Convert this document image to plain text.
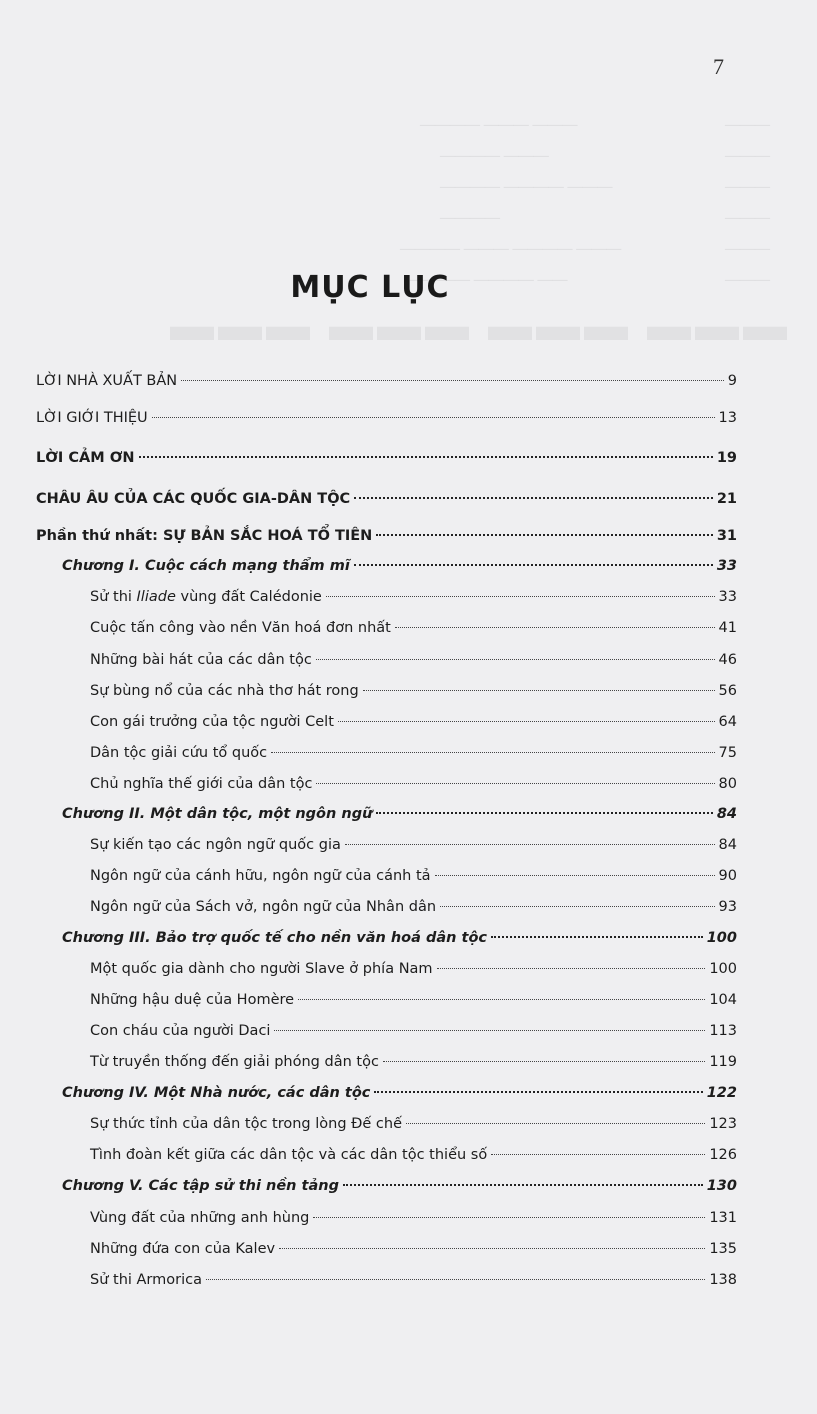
———— ——— ———	———
———— ———	———
———— ———— ———	———
————	———
———— ——— ———— ———	———
———— ———— ——	———
▬▬▬ ▬▬▬ ▬▬▬ ▬▬▬
7
MỤC LỤC
LỜI NHÀ XUẤT BẢN	9
LỜI GIỚI THIỆU	13
LỜI CẢM ƠN	19
CHÂU ÂU CỦA CÁC QUỐC GIA-DÂN TỘC	21
Phần thứ nhất: SỰ BẢN SẮC HOÁ TỔ TIÊN	31
Chương I. Cuộc cách mạng thẩm mĩ	33
Sử thi Iliade vùng đất Calédonie	33
Cuộc tấn công vào nền Văn hoá đơn nhất	41
Những bài hát của các dân tộc	46
Sự bùng nổ của các nhà thơ hát rong	56
Con gái trưởng của tộc người Celt	64
Dân tộc giải cứu tổ quốc	75
Chủ nghĩa thế giới của dân tộc	80
Chương II. Một dân tộc, một ngôn ngữ	84
Sự kiến tạo các ngôn ngữ quốc gia	84
Ngôn ngữ của cánh hữu, ngôn ngữ của cánh tả	90
Ngôn ngữ của Sách vở, ngôn ngữ của Nhân dân	93
Chương III. Bảo trợ quốc tế cho nền văn hoá dân tộc	100
Một quốc gia dành cho người Slave ở phía Nam	100
Những hậu duệ của Homère	104
Con cháu của người Daci	113
Từ truyền thống đến giải phóng dân tộc	119
Chương IV. Một Nhà nước, các dân tộc	122
Sự thức tỉnh của dân tộc trong lòng Đế chế	123
Tình đoàn kết giữa các dân tộc và các dân tộc thiểu số	126
Chương V. Các tập sử thi nền tảng	130
Vùng đất của những anh hùng	131
Những đứa con của Kalev	135
Sử thi Armorica	138
